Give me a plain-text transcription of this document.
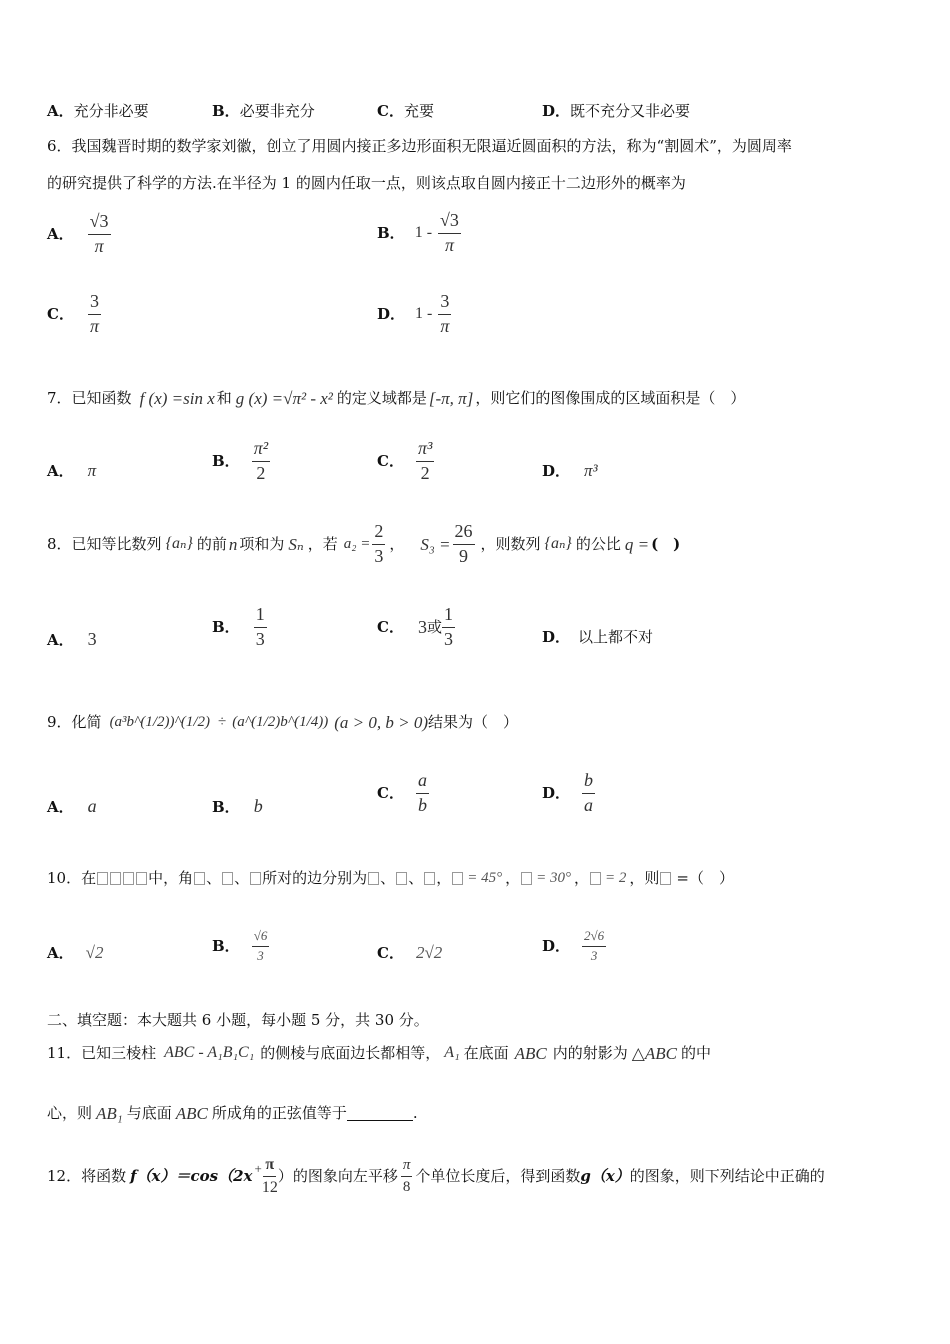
A．充分非必要	B．必要非充分	C．充要	D．既不充分又非必要
6．我国魏晋时期的数学家刘徽，创立了用圆内接正多边形面积无限逼近圆面积的方法，称为“割圆术”，为圆周率
的研究提供了科学的方法.在半径为 1 的圆内任取一点，则该点取自圆内接正十二边形外的概率为
A． $\frac{√3}{\pi}$	B． $1 - \frac{√3}{\pi}$
C． $\frac{3}{\pi}$	D． $1 - \frac{3}{\pi}$
7． 已知函数 f (x) =sin x 和 g (x) =√π² - x² 的定义域都是 [-π, π] ，则它们的图像围成的区域面积是（　）
A． π
B． $\frac{\text{π²}}{2}$	C． $\frac{\text{π³}}{2}$	D． π³
8． 已知等比数列 {aₙ} 的前 n 项和为 Sₙ ，若 $a_2 = \frac{2}{3}$ ， $S_3 = \frac{26}{9}$ ，则数列 {aₙ} 的公比 q = (　)
A． 3
B． $\frac{1}{3}$	C． 3 或 $\frac{1}{3}$	D． 以上都不对
9． 化简 (a³b^(1/2))^(1/2) ÷ (a^(1/2)b^(1/4)) (a > 0, b > 0) 结果为（　）
A． a	B． b
C． $\frac{a}{b}$	D． $\frac{b}{a}$
10． 在	中，角 、 、 所对的边分别为 、 、 ， = 45° ， = 30° ， = 2 ，则 =（　）
A． √2	B． $\frac{√6}{3}$	C． 2√2	D． $\frac{2√6}{3}$
二、填空题：本大题共 6 小题，每小题 5 分，共 30 分。
11． 已知三棱柱 ABC - A₁B₁C₁ 的侧棱与底面边长都相等， A₁ 在底面 ABC 内的射影为 △ABC 的中
心，则 AB₁ 与底面 ABC 所成角的正弦值等于	.
12． 将函数 $f(x)=\cos(2x + \frac{\pi}{12}$ ）的图象向左平移 $\frac{\pi}{8}$ 个单位长度后，得到函数 g（x） 的图象，则下列结论中正确的
